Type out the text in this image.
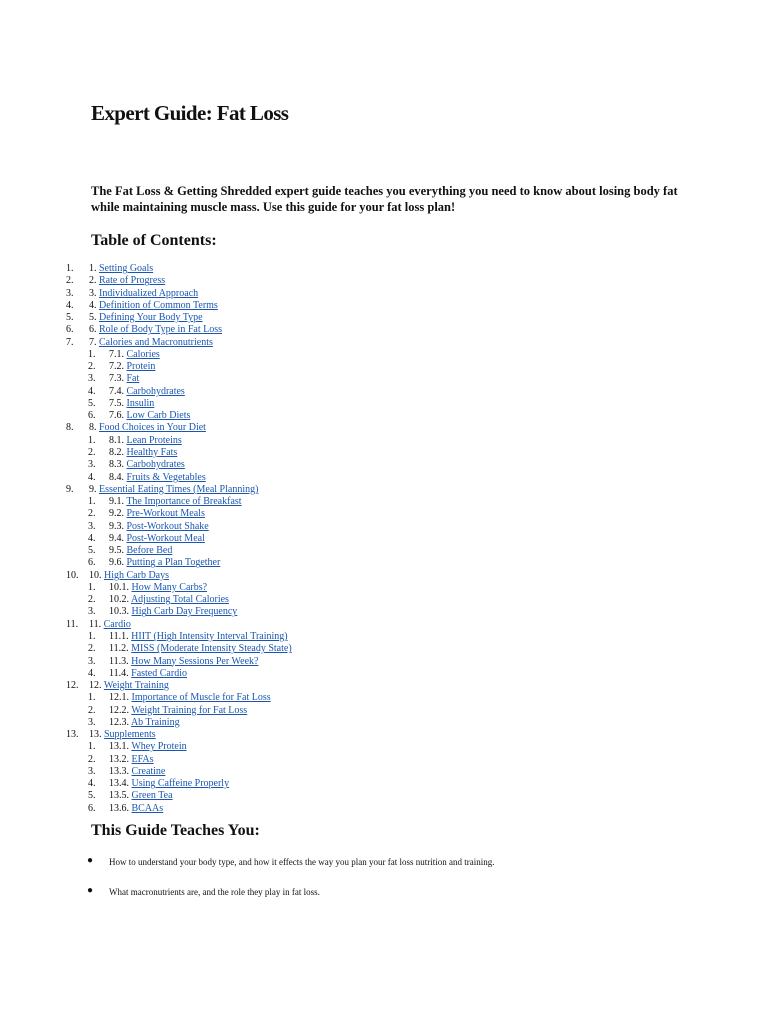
Expert Guide: Fat Loss

The Fat Loss & Getting Shredded expert guide teaches you everything you need to know about losing body fat while maintaining muscle mass. Use this guide for your fat loss plan!

Table of Contents:
1. 1. Setting Goals
2. 2. Rate of Progress
3. 3. Individualized Approach
4. 4. Definition of Common Terms
5. 5. Defining Your Body Type
6. 6. Role of Body Type in Fat Loss
7. 7. Calories and Macronutrients
1. 7.1. Calories
2. 7.2. Protein
3. 7.3. Fat
4. 7.4. Carbohydrates
5. 7.5. Insulin
6. 7.6. Low Carb Diets
8. 8. Food Choices in Your Diet
1. 8.1. Lean Proteins
2. 8.2. Healthy Fats
3. 8.3. Carbohydrates
4. 8.4. Fruits & Vegetables
9. 9. Essential Eating Times (Meal Planning)
1. 9.1. The Importance of Breakfast
2. 9.2. Pre-Workout Meals
3. 9.3. Post-Workout Shake
4. 9.4. Post-Workout Meal
5. 9.5. Before Bed
6. 9.6. Putting a Plan Together
10. 10. High Carb Days
1. 10.1. How Many Carbs?
2. 10.2. Adjusting Total Calories
3. 10.3. High Carb Day Frequency
11. 11. Cardio
1. 11.1. HIIT (High Intensity Interval Training)
2. 11.2. MISS (Moderate Intensity Steady State)
3. 11.3. How Many Sessions Per Week?
4. 11.4. Fasted Cardio
12. 12. Weight Training
1. 12.1. Importance of Muscle for Fat Loss
2. 12.2. Weight Training for Fat Loss
3. 12.3. Ab Training
13. 13. Supplements
1. 13.1. Whey Protein
2. 13.2. EFAs
3. 13.3. Creatine
4. 13.4. Using Caffeine Properly
5. 13.5. Green Tea
6. 13.6. BCAAs
This Guide Teaches You:
● How to understand your body type, and how it effects the way you plan your fat loss nutrition and training.
● What macronutrients are, and the role they play in fat loss.
